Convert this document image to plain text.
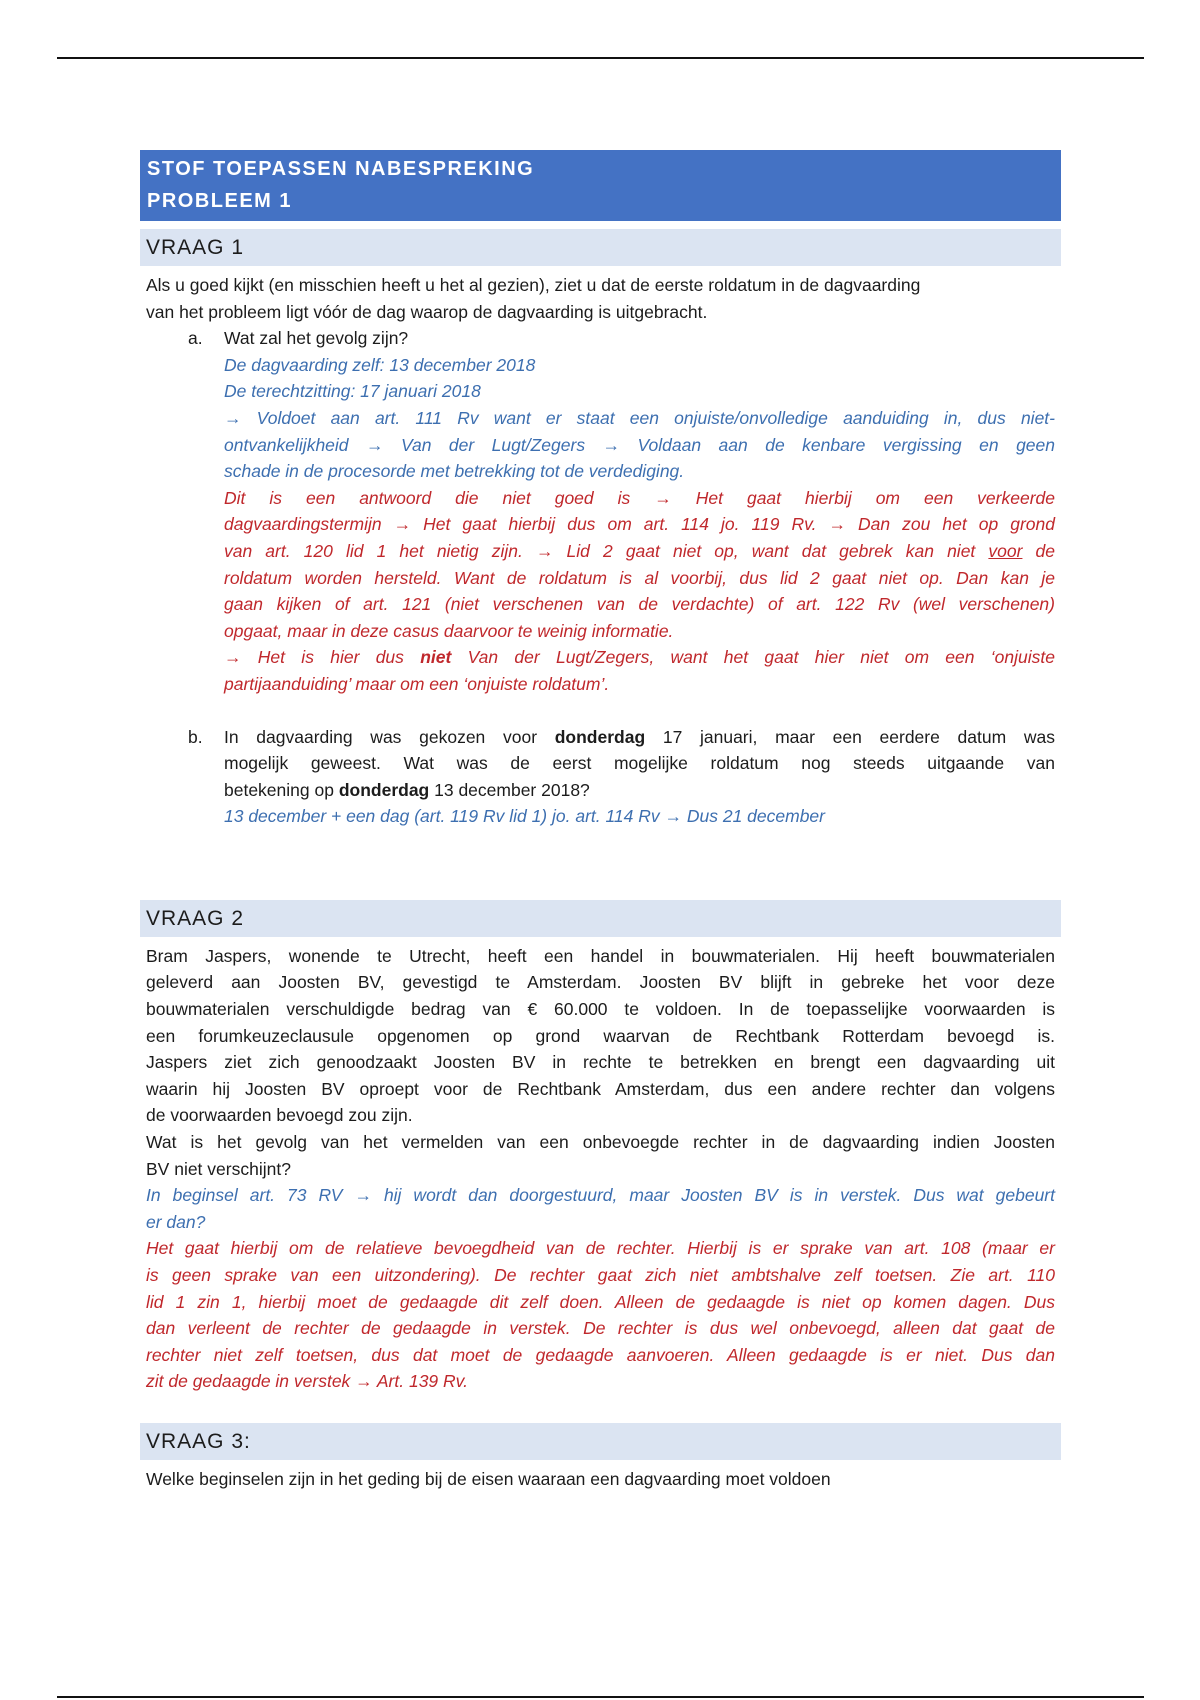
STOF TOEPASSEN NABESPREKING
PROBLEEM 1
VRAAG 1
Als u goed kijkt (en misschien heeft u het al gezien), ziet u dat de eerste roldatum in de dagvaarding
van het probleem ligt vóór de dag waarop de dagvaarding is uitgebracht.
a.	Wat zal het gevolg zijn?
De dagvaarding zelf: 13 december 2018
De terechtzitting: 17 januari 2018
→ Voldoet aan art. 111 Rv want er staat een onjuiste/onvolledige aanduiding in, dus niet-
ontvankelijkheid → Van der Lugt/Zegers → Voldaan aan de kenbare vergissing en geen
schade in de procesorde met betrekking tot de verdediging.
Dit is een antwoord die niet goed is → Het gaat hierbij om een verkeerde
dagvaardingstermijn → Het gaat hierbij dus om art. 114 jo. 119 Rv. → Dan zou het op grond
van art. 120 lid 1 het nietig zijn. → Lid 2 gaat niet op, want dat gebrek kan niet voor de
roldatum worden hersteld. Want de roldatum is al voorbij, dus lid 2 gaat niet op. Dan kan je
gaan kijken of art. 121 (niet verschenen van de verdachte) of art. 122 Rv (wel verschenen)
opgaat, maar in deze casus daarvoor te weinig informatie.
→ Het is hier dus niet Van der Lugt/Zegers, want het gaat hier niet om een ‘onjuiste
partijaanduiding’ maar om een ‘onjuiste roldatum’.
b.	In dagvaarding was gekozen voor donderdag 17 januari, maar een eerdere datum was
mogelijk geweest. Wat was de eerst mogelijke roldatum nog steeds uitgaande van
betekening op donderdag 13 december 2018?
13 december + een dag (art. 119 Rv lid 1) jo. art. 114 Rv → Dus 21 december
VRAAG 2
Bram Jaspers, wonende te Utrecht, heeft een handel in bouwmaterialen. Hij heeft bouwmaterialen
geleverd aan Joosten BV, gevestigd te Amsterdam. Joosten BV blijft in gebreke het voor deze
bouwmaterialen verschuldigde bedrag van € 60.000 te voldoen. In de toepasselijke voorwaarden is
een forumkeuzeclausule opgenomen op grond waarvan de Rechtbank Rotterdam bevoegd is.
Jaspers ziet zich genoodzaakt Joosten BV in rechte te betrekken en brengt een dagvaarding uit
waarin hij Joosten BV oproept voor de Rechtbank Amsterdam, dus een andere rechter dan volgens
de voorwaarden bevoegd zou zijn.
Wat is het gevolg van het vermelden van een onbevoegde rechter in de dagvaarding indien Joosten
BV niet verschijnt?
In beginsel art. 73 RV → hij wordt dan doorgestuurd, maar Joosten BV is in verstek. Dus wat gebeurt
er dan?
Het gaat hierbij om de relatieve bevoegdheid van de rechter. Hierbij is er sprake van art. 108 (maar er
is geen sprake van een uitzondering). De rechter gaat zich niet ambtshalve zelf toetsen. Zie art. 110
lid 1 zin 1, hierbij moet de gedaagde dit zelf doen. Alleen de gedaagde is niet op komen dagen. Dus
dan verleent de rechter de gedaagde in verstek. De rechter is dus wel onbevoegd, alleen dat gaat de
rechter niet zelf toetsen, dus dat moet de gedaagde aanvoeren. Alleen gedaagde is er niet. Dus dan
zit de gedaagde in verstek → Art. 139 Rv.
VRAAG 3:
Welke beginselen zijn in het geding bij de eisen waaraan een dagvaarding moet voldoen
